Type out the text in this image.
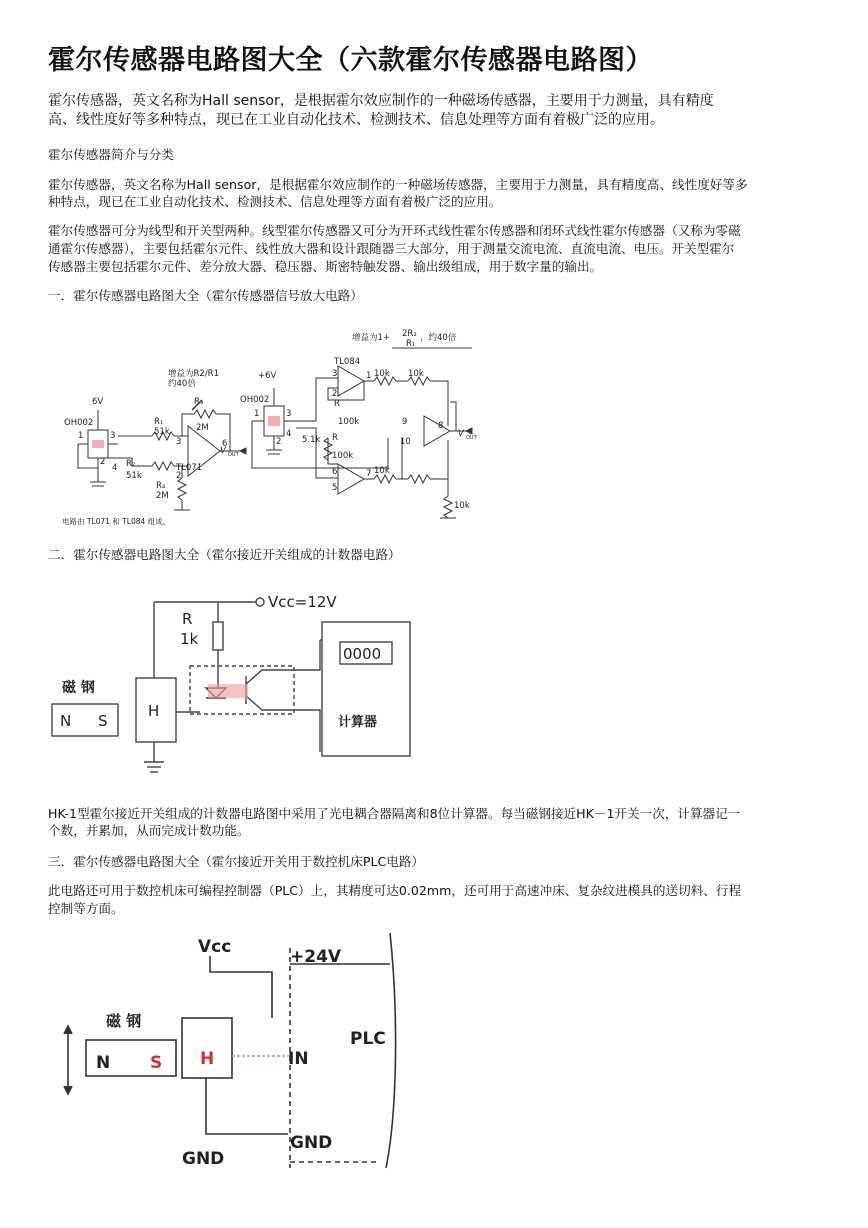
霍尔传感器电路图大全（六款霍尔传感器电路图）

霍尔传感器，英文名称为Hall sensor，是根据霍尔效应制作的一种磁场传感器，主要用于力测量，具有精度

高、线性度好等多种特点，现已在工业自动化技术、检测技术、信息处理等方面有着极广泛的应用。

霍尔传感器简介与分类

霍尔传感器，英文名称为Hall sensor，是根据霍尔效应制作的一种磁场传感器，主要用于力测量，具有精度高、线性度好等多

种特点，现已在工业自动化技术、检测技术、信息处理等方面有着极广泛的应用。

霍尔传感器可分为线型和开关型两种。线型霍尔传感器又可分为开环式线性霍尔传感器和闭环式线性霍尔传感器（又称为零磁

通霍尔传感器），主要包括霍尔元件、线性放大器和设计跟随器三大部分，用于测量交流电流、直流电流、电压。开关型霍尔

传感器主要包括霍尔元件、差分放大器、稳压器、斯密特触发器、输出级组成，用于数字量的输出。

一．霍尔传感器电路图大全（霍尔传感器信号放大电路）

二．霍尔传感器电路图大全（霍尔接近开关组成的计数器电路）

HK-1型霍尔接近开关组成的计数器电路图中采用了光电耦合器隔离和8位计算器。每当磁钢接近HK－1开关一次，计算器记一

个数，并累加，从而完成计数功能。

三．霍尔传感器电路图大全（霍尔接近开关用于数控机床PLC电路）

此电路还可用于数控机床可编程控制器（PLC）上，其精度可达0.02mm，还可用于高速冲床、复杂纹进模具的送切料、行程

控制等方面。

6V
OH002
1
2
3
4
R₁
51k
R₂
51k
R₃
2M
R₄
2M
3
2
6
TL071
增益为R2/R1
约40倍
V OUT
+6V
OH002
1
2
3
4
增益为1+ 2R₂
R₁
，约40倍
TL084
10k 10k
10k
10k
R
100k
R
100k
5.1k
3
2
1
6
5
7
9
10
8
V OUT
电路由 TL071 和 TL084 组成。
Vcc=12V
R
1k
磁 钢
N S
H
0000
计算器
Vcc	+24V
磁 钢
N S H	IN
PLC
GND
GND
